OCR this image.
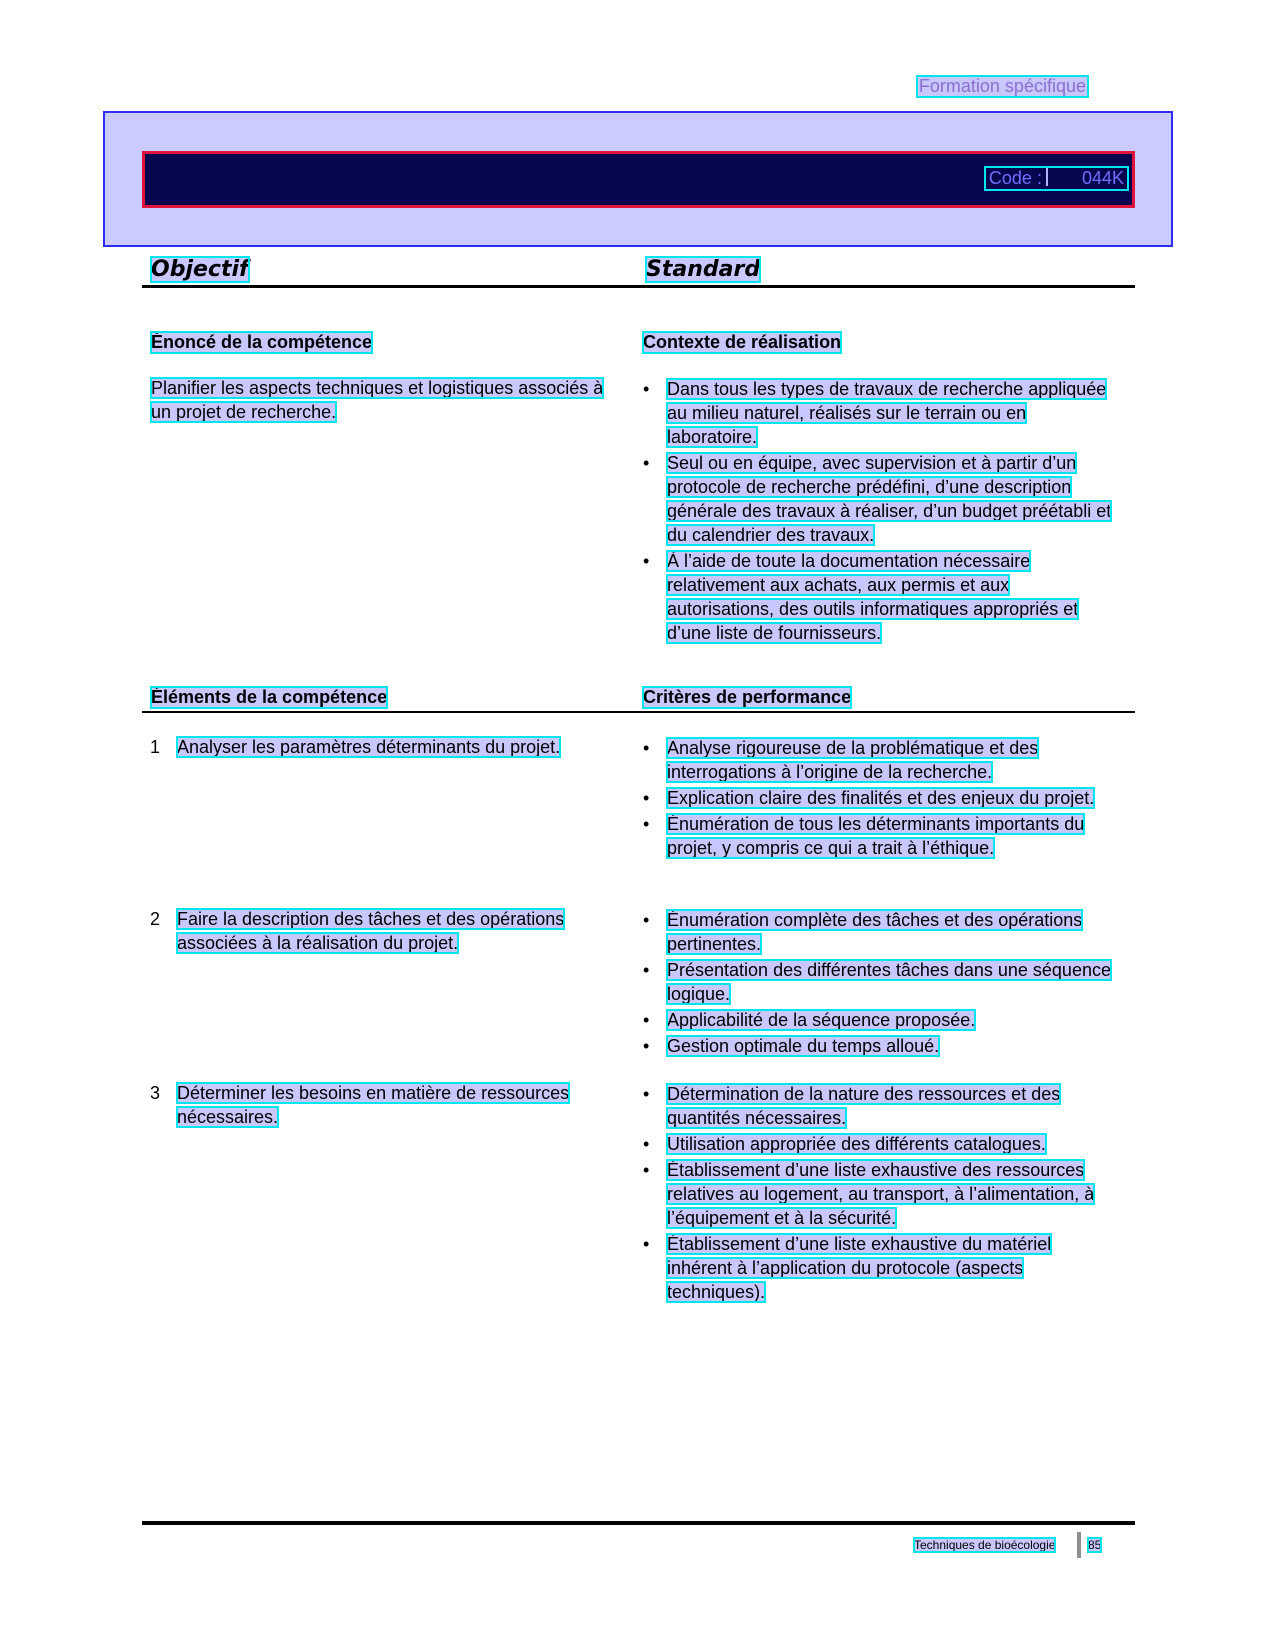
Formation spécifique
Code : 044K
Objectif	Standard
Énoncé de la compétence	Contexte de réalisation
Planifier les aspects techniques et logistiques associés à un projet de recherche.
• Dans tous les types de travaux de recherche appliquée au milieu naturel, réalisés sur le terrain ou en laboratoire.
• Seul ou en équipe, avec supervision et à partir d’un protocole de recherche prédéfini, d’une description générale des travaux à réaliser, d’un budget préétabli et du calendrier des travaux.
• À l’aide de toute la documentation nécessaire relativement aux achats, aux permis et aux autorisations, des outils informatiques appropriés et d’une liste de fournisseurs.
Éléments de la compétence	Critères de performance
1 Analyser les paramètres déterminants du projet.
•	Analyse rigoureuse de la problématique et des interrogations à l’origine de la recherche.
• Explication claire des finalités et des enjeux du projet.
• Énumération de tous les déterminants importants du projet, y compris ce qui a trait à l’éthique.
2 Faire la description des tâches et des opérations associées à la réalisation du projet.
• Énumération complète des tâches et des opérations pertinentes.
• Présentation des différentes tâches dans une séquence logique.
• Applicabilité de la séquence proposée.
• Gestion optimale du temps alloué.
3 Déterminer les besoins en matière de ressources nécessaires.
• Détermination de la nature des ressources et des quantités nécessaires.
• Utilisation appropriée des différents catalogues.
• Établissement d’une liste exhaustive des ressources relatives au logement, au transport, à l’alimentation, à l’équipement et à la sécurité.
• Établissement d’une liste exhaustive du matériel inhérent à l’application du protocole (aspects techniques).
Techniques de bioécologie	85
